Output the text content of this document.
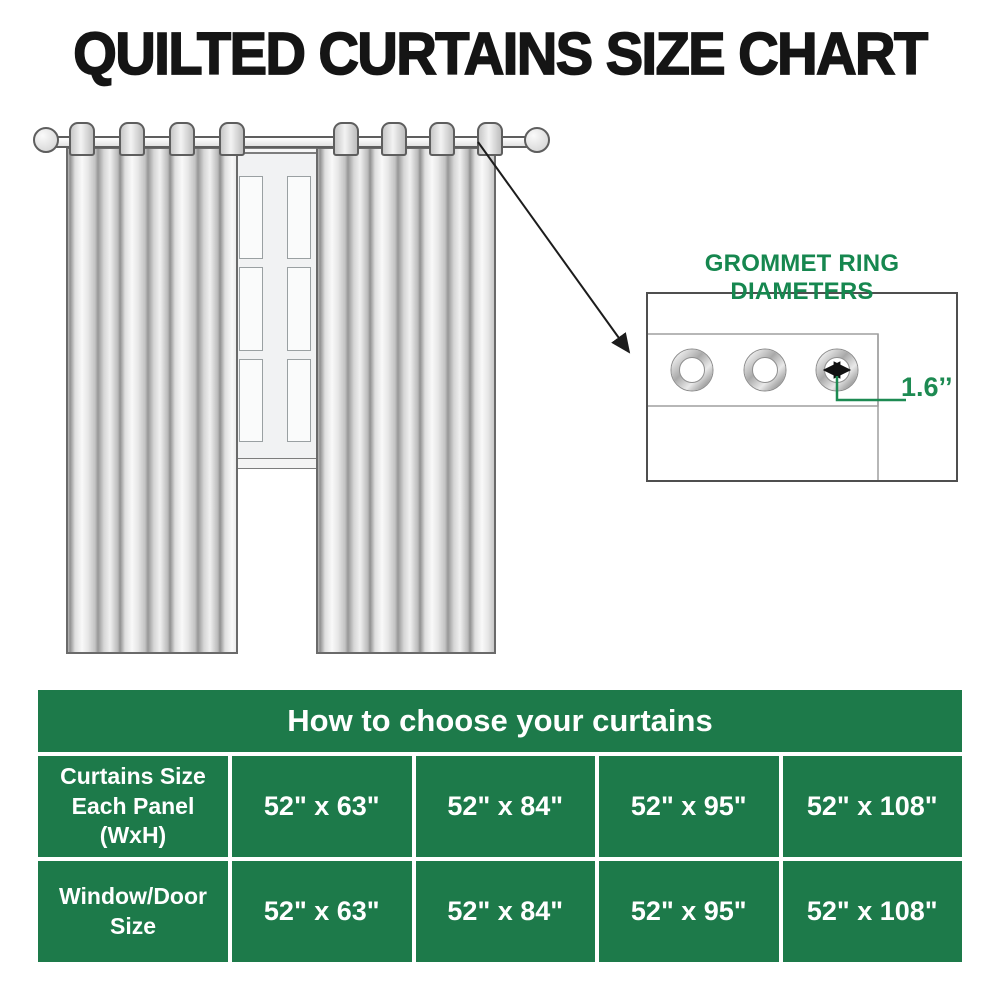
QUILTED CURTAINS SIZE CHART
GROMMET RING DIAMETERS
1.6’’
How to choose your curtains
Curtains Size
Each Panel
(WxH)
52" x 63"	52" x 84"	52" x 95"	52" x 108"
Window/Door
Size	52" x 63"	52" x 84"	52" x 95"	52" x 108"
